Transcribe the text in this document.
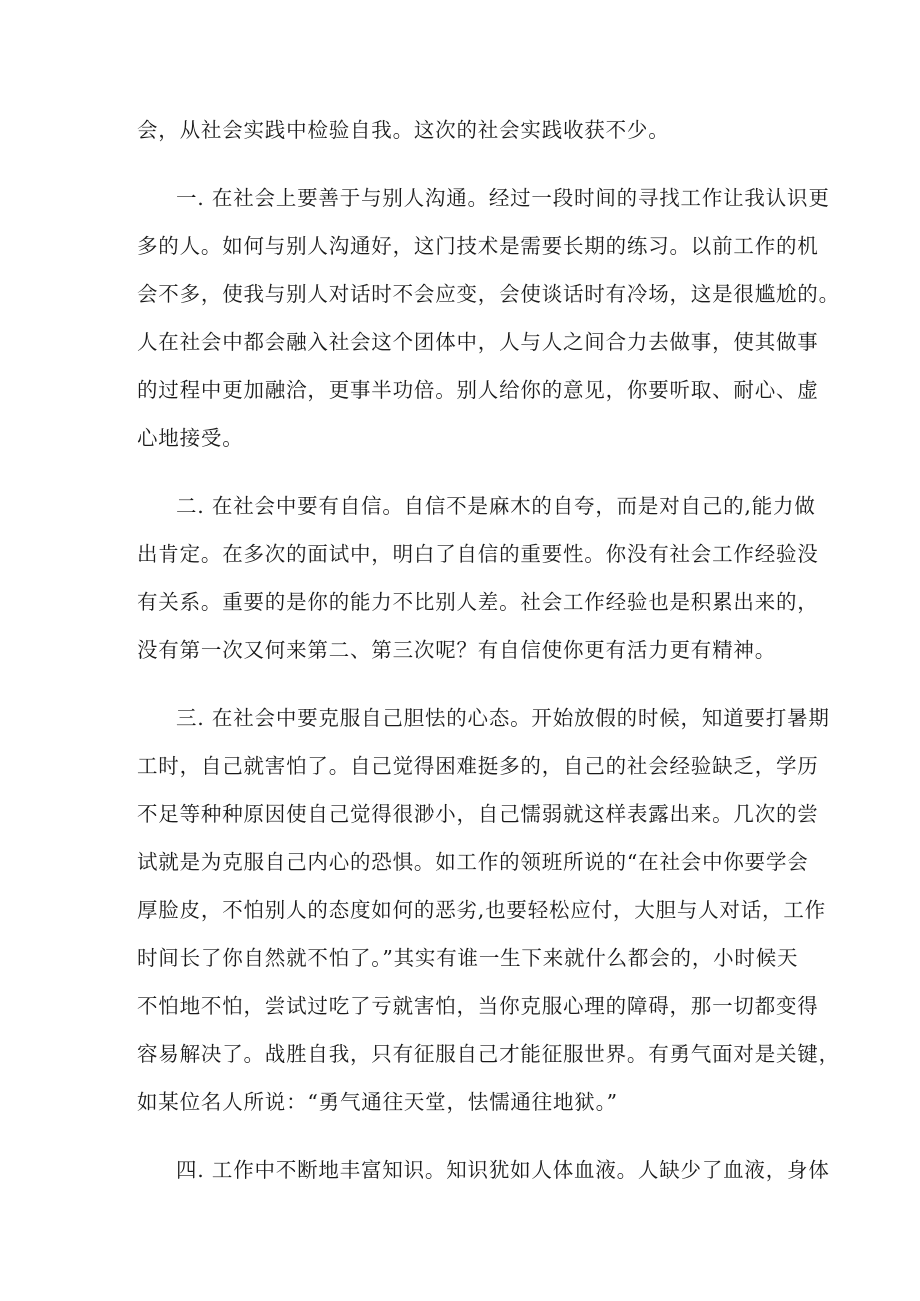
会，从社会实践中检验自我。这次的社会实践收获不少。

一. 在社会上要善于与别人沟通。经过一段时间的寻找工作让我认识更

多的人。如何与别人沟通好，这门技术是需要长期的练习。以前工作的机

会不多，使我与别人对话时不会应变，会使谈话时有冷场，这是很尴尬的。

人在社会中都会融入社会这个团体中，人与人之间合力去做事，使其做事

的过程中更加融洽，更事半功倍。别人给你的意见，你要听取、耐心、虚

心地接受。

二. 在社会中要有自信。自信不是麻木的自夸，而是对自己的,能力做

出肯定。在多次的面试中，明白了自信的重要性。你没有社会工作经验没

有关系。重要的是你的能力不比别人差。社会工作经验也是积累出来的，

没有第一次又何来第二、第三次呢？有自信使你更有活力更有精神。

三. 在社会中要克服自己胆怯的心态。开始放假的时候，知道要打暑期

工时，自己就害怕了。自己觉得困难挺多的，自己的社会经验缺乏，学历

不足等种种原因使自己觉得很渺小，自己懦弱就这样表露出来。几次的尝

试就是为克服自己内心的恐惧。如工作的领班所说的“在社会中你要学会

厚脸皮，不怕别人的态度如何的恶劣,也要轻松应付，大胆与人对话，工作

时间长了你自然就不怕了。”其实有谁一生下来就什么都会的，小时候天

不怕地不怕，尝试过吃了亏就害怕，当你克服心理的障碍，那一切都变得

容易解决了。战胜自我，只有征服自己才能征服世界。有勇气面对是关键，

如某位名人所说：“勇气通往天堂，怯懦通往地狱。”

四. 工作中不断地丰富知识。知识犹如人体血液。人缺少了血液，身体
